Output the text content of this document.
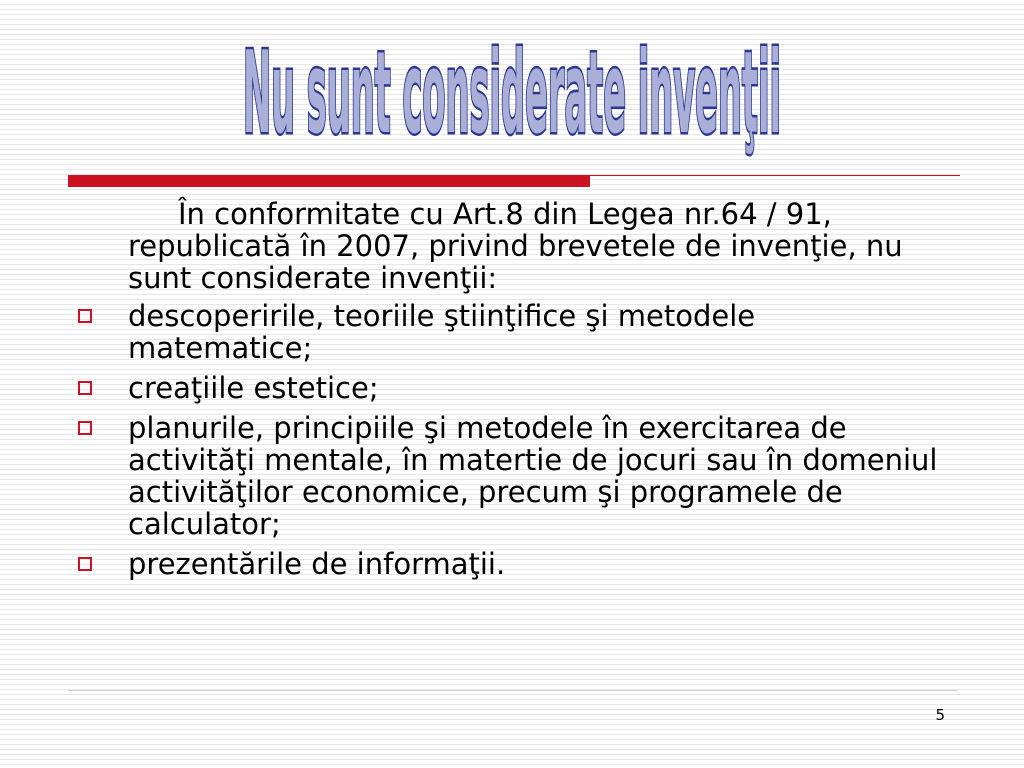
Nu sunt considerate invenţii

În conformitate cu Art.8 din Legea nr.64 / 91, republicată în 2007, privind brevetele de invenţie, nu sunt considerate invenţii:

descoperirile, teoriile ştiinţifice şi metodele matematice;
creaţiile estetice;
planurile, principiile şi metodele în exercitarea de activităţi mentale, în matertie de jocuri sau în domeniul activităţilor economice, precum şi programele de calculator;
prezentările de informaţii.
5
